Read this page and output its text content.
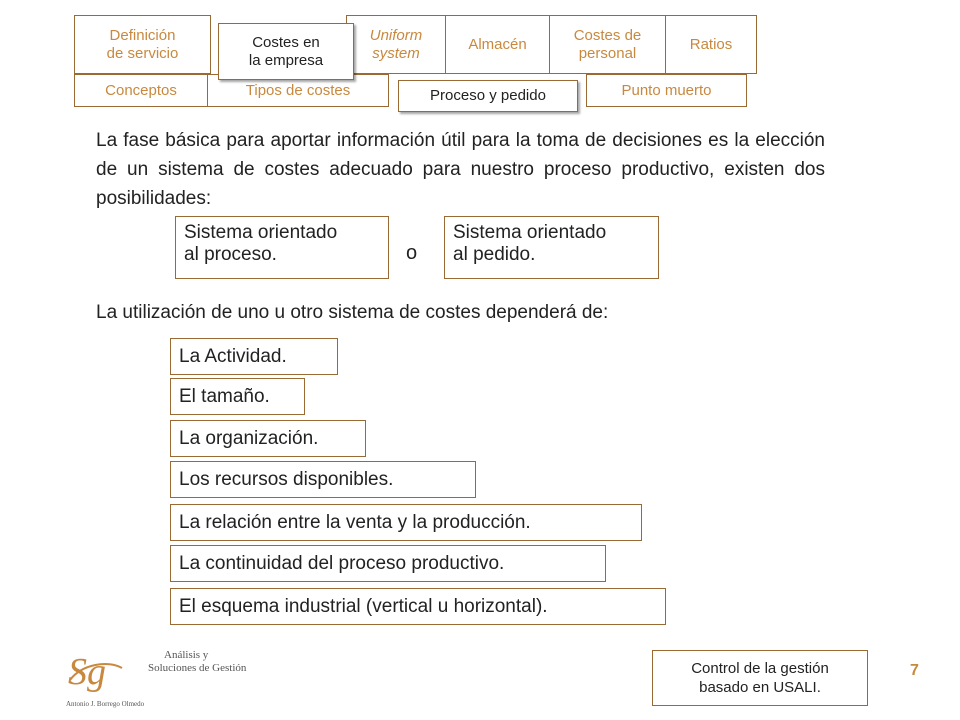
Conceptos	Tipos de costes	Punto muerto
Definición
de servicio
Uniform
system
Almacén
Costes de
personal
Ratios
Costes en
la empresa
Proceso y pedido
La fase básica para aportar información útil para la toma de decisiones es la elección de un sistema de costes adecuado para nuestro proceso productivo, existen dos posibilidades:
Sistema orientado
al proceso.	o
Sistema orientado
al pedido.
La utilización de uno u otro sistema de costes dependerá de:
La Actividad.
El tamaño.
La organización.
Los recursos disponibles.
La relación entre la venta y la producción.
La continuidad del proceso productivo.
El esquema industrial (vertical u horizontal).
Sg	Análisis y
Soluciones de Gestión
Antonio J. Borrego Olmedo
Control de la gestión
basado en USALI.
7
